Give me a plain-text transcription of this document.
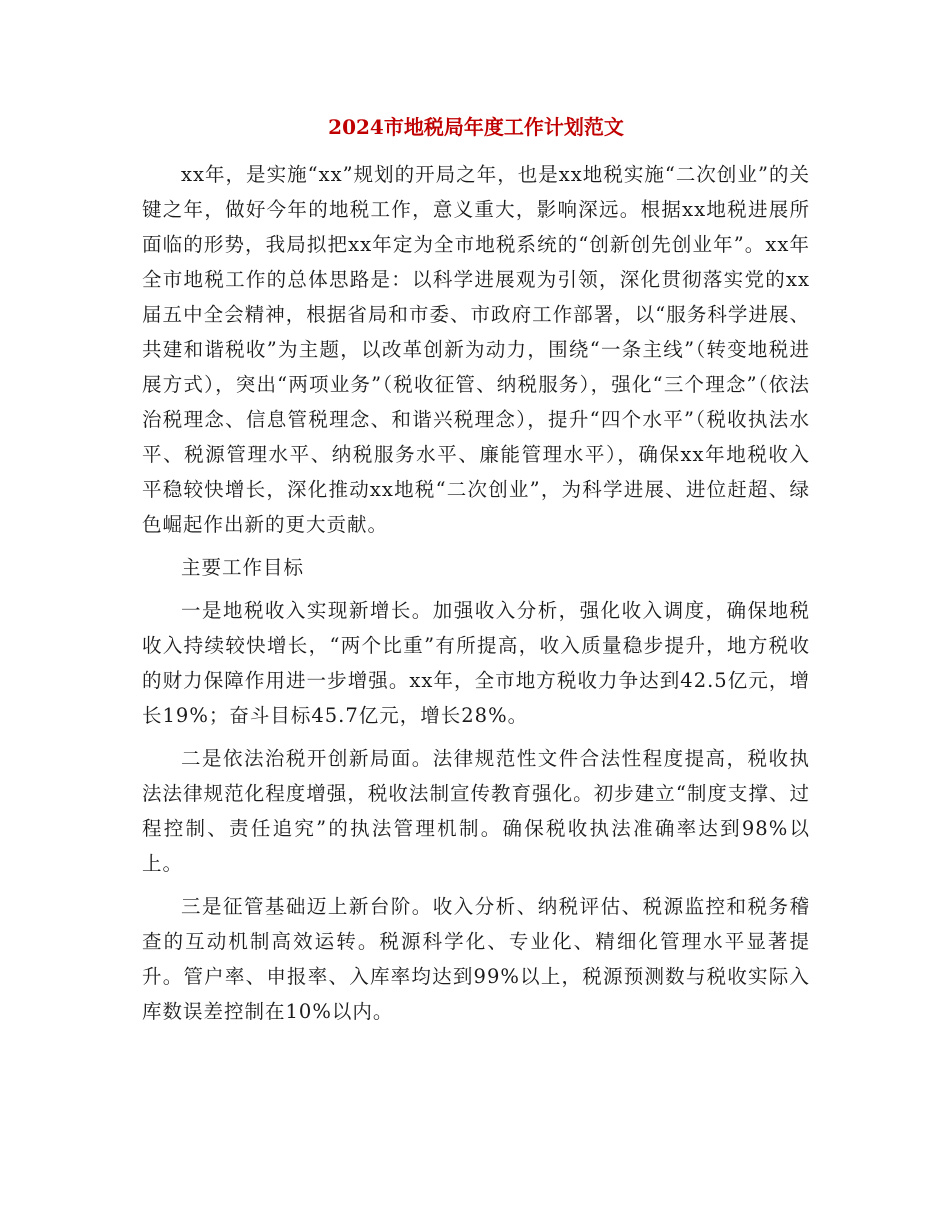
2024市地税局年度工作计划范文

xx年，是实施“xx”规划的开局之年，也是xx地税实施“二次创业”的关键之年，做好今年的地税工作，意义重大，影响深远。根据xx地税进展所面临的形势，我局拟把xx年定为全市地税系统的“创新创先创业年”。xx年全市地税工作的总体思路是：以科学进展观为引领，深化贯彻落实党的xx届五中全会精神，根据省局和市委、市政府工作部署，以“服务科学进展、共建和谐税收”为主题，以改革创新为动力，围绕“一条主线”（转变地税进展方式），突出“两项业务”（税收征管、纳税服务），强化“三个理念”（依法治税理念、信息管税理念、和谐兴税理念），提升“四个水平”（税收执法水平、税源管理水平、纳税服务水平、廉能管理水平），确保xx年地税收入平稳较快增长，深化推动xx地税“二次创业”，为科学进展、进位赶超、绿色崛起作出新的更大贡献。

主要工作目标

一是地税收入实现新增长。加强收入分析，强化收入调度，确保地税收入持续较快增长，“两个比重”有所提高，收入质量稳步提升，地方税收的财力保障作用进一步增强。xx年，全市地方税收力争达到42.5亿元，增长19%；奋斗目标45.7亿元，增长28%。

二是依法治税开创新局面。法律规范性文件合法性程度提高，税收执法法律规范化程度增强，税收法制宣传教育强化。初步建立“制度支撑、过程控制、责任追究”的执法管理机制。确保税收执法准确率达到98%以上。

三是征管基础迈上新台阶。收入分析、纳税评估、税源监控和税务稽查的互动机制高效运转。税源科学化、专业化、精细化管理水平显著提升。管户率、申报率、入库率均达到99%以上，税源预测数与税收实际入库数误差控制在10%以内。
